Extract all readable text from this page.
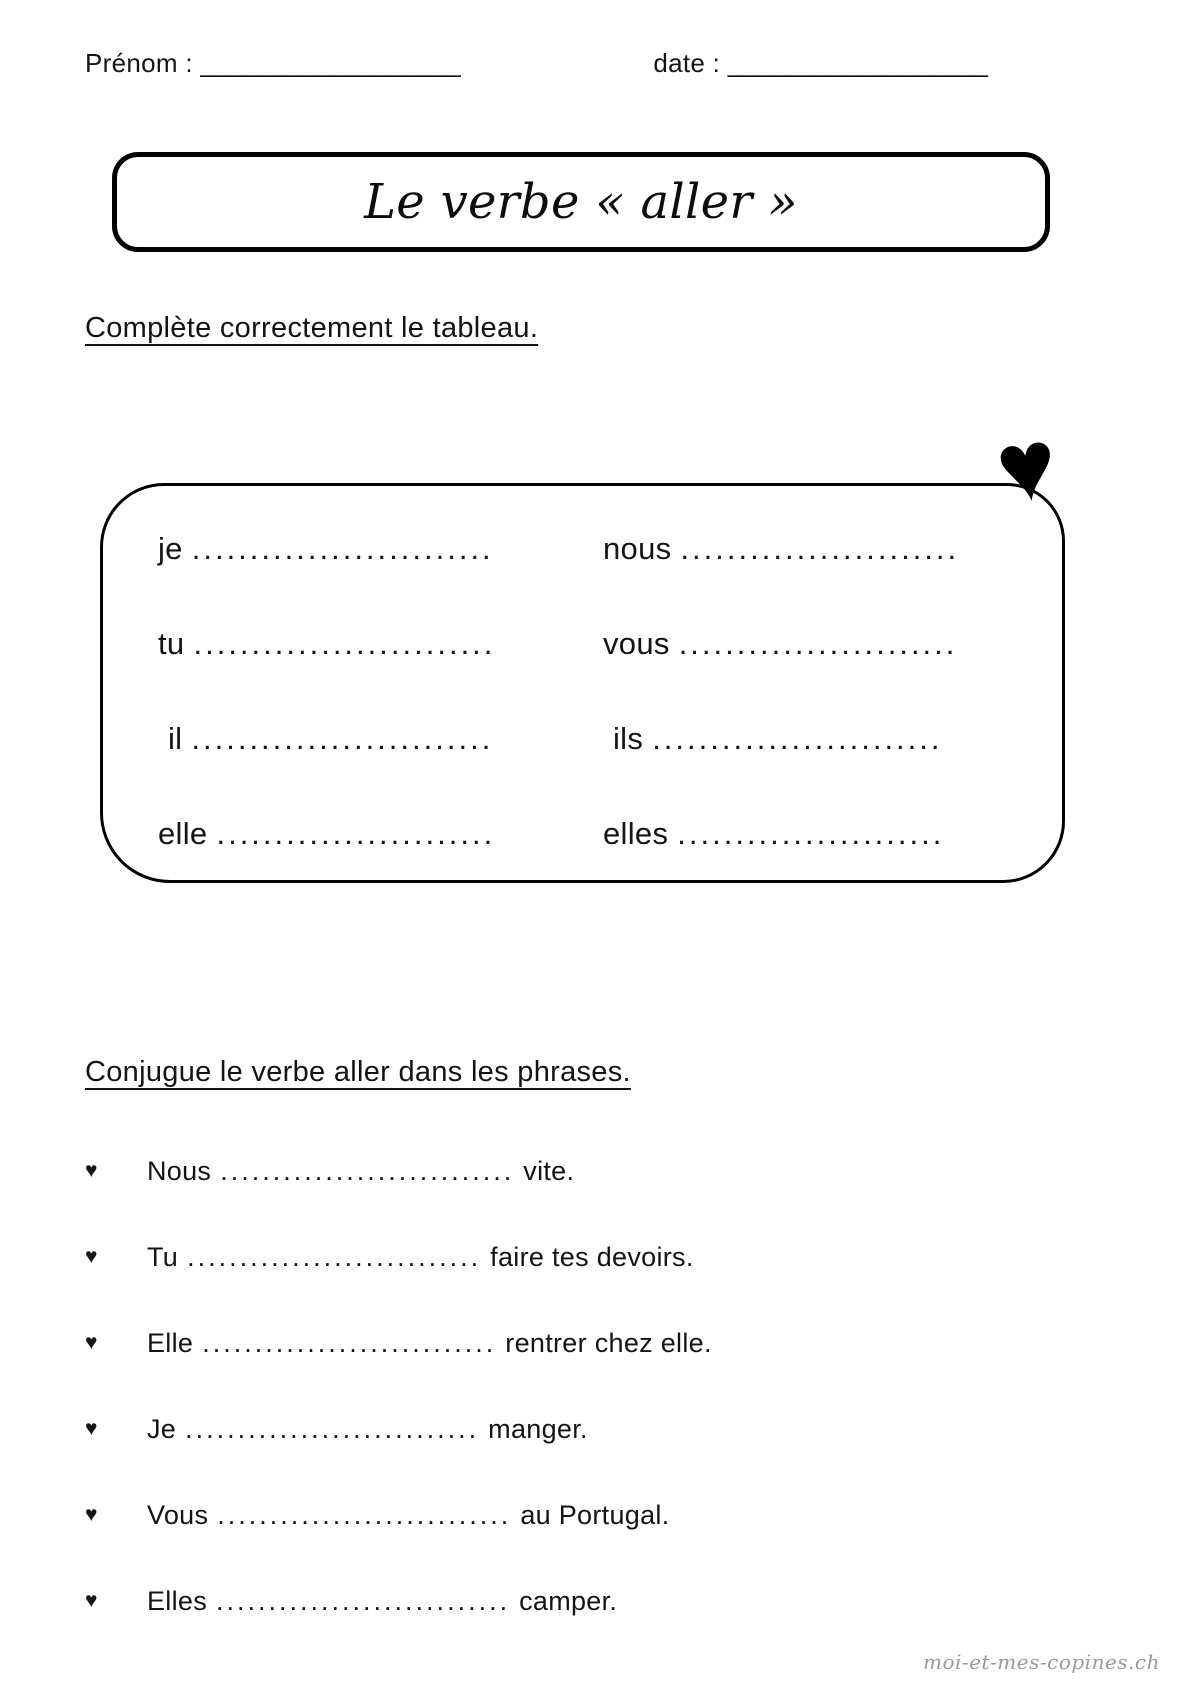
Prénom : __________________	date : __________________
Le verbe « aller »
Complète correctement le tableau.
♥
je ..........................	nous ........................
tu ..........................	vous ........................
il ..........................	ils .........................
elle ........................	elles .......................
Conjugue le verbe aller dans les phrases.
♥	Nous ............................ vite.
♥	Tu ............................ faire tes devoirs.
♥	Elle ............................ rentrer chez elle.
♥	Je ............................ manger.
♥	Vous ............................ au Portugal.
♥	Elles ............................ camper.
moi-et-mes-copines.ch
